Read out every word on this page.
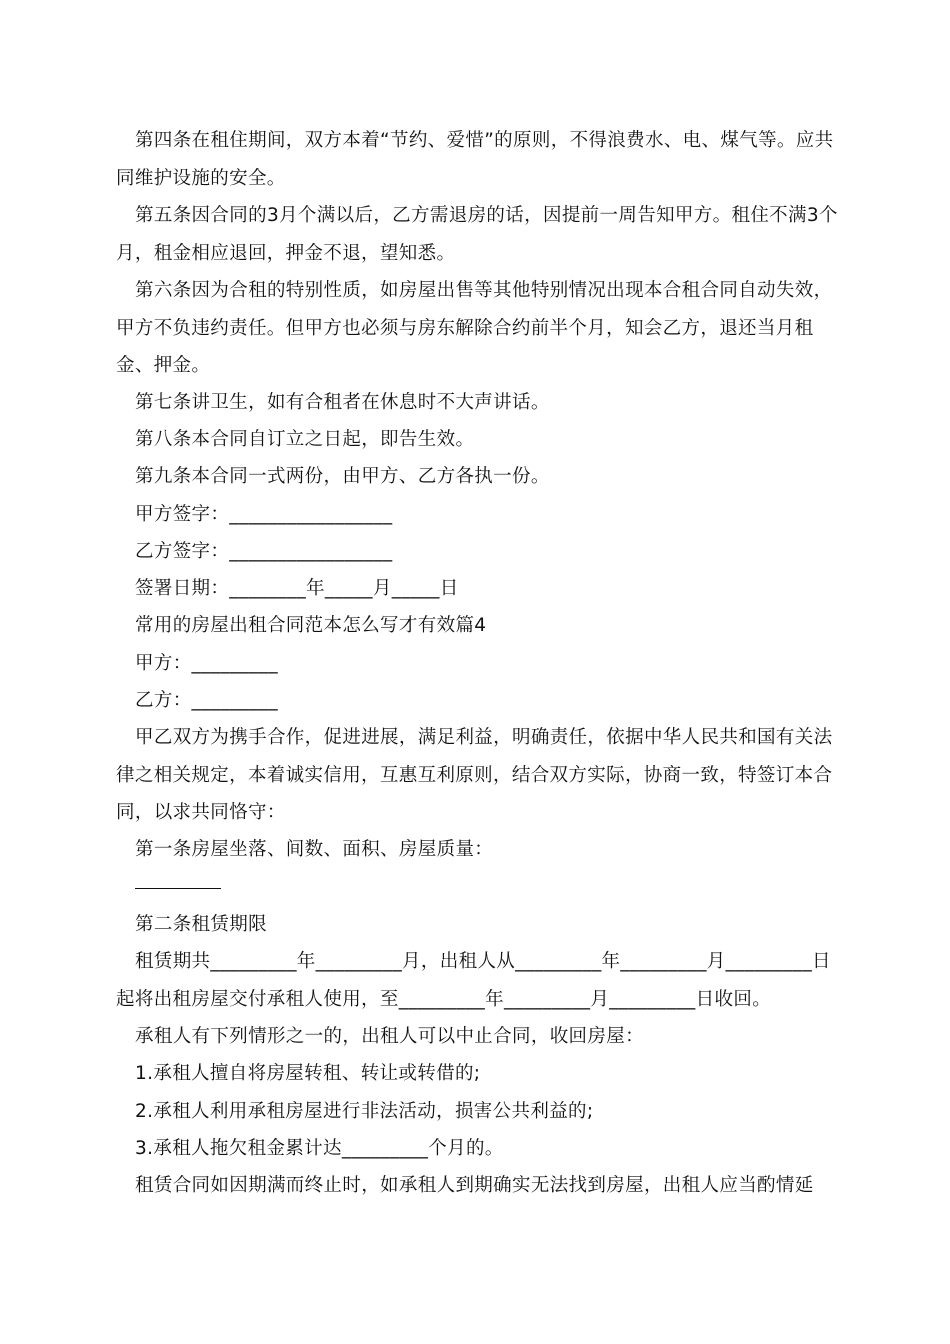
第四条在租住期间，双方本着“节约、爱惜”的原则，不得浪费水、电、煤气等。应共同维护设施的安全。

第五条因合同的3月个满以后，乙方需退房的话，因提前一周告知甲方。租住不满3个月，租金相应退回，押金不退，望知悉。

第六条因为合租的特别性质，如房屋出售等其他特别情况出现本合租合同自动失效，甲方不负违约责任。但甲方也必须与房东解除合约前半个月，知会乙方，退还当月租金、押金。

第七条讲卫生，如有合租者在休息时不大声讲话。

第八条本合同自订立之日起，即告生效。

第九条本合同一式两份，由甲方、乙方各执一份。

甲方签字：_________________

乙方签字：_________________

签署日期：________年_____月_____日

常用的房屋出租合同范本怎么写才有效篇4

甲方：_________

乙方：_________

甲乙双方为携手合作，促进进展，满足利益，明确责任，依据中华人民共和国有关法律之相关规定，本着诚实信用，互惠互利原则，结合双方实际，协商一致，特签订本合同，以求共同恪守：

第一条房屋坐落、间数、面积、房屋质量：

第二条租赁期限

租赁期共_________年_________月，出租人从_________年_________月_________日起将出租房屋交付承租人使用，至_________年_________月_________日收回。

承租人有下列情形之一的，出租人可以中止合同，收回房屋：

1.承租人擅自将房屋转租、转让或转借的;

2.承租人利用承租房屋进行非法活动，损害公共利益的;

3.承租人拖欠租金累计达_________个月的。

租赁合同如因期满而终止时，如承租人到期确实无法找到房屋，出租人应当酌情延
